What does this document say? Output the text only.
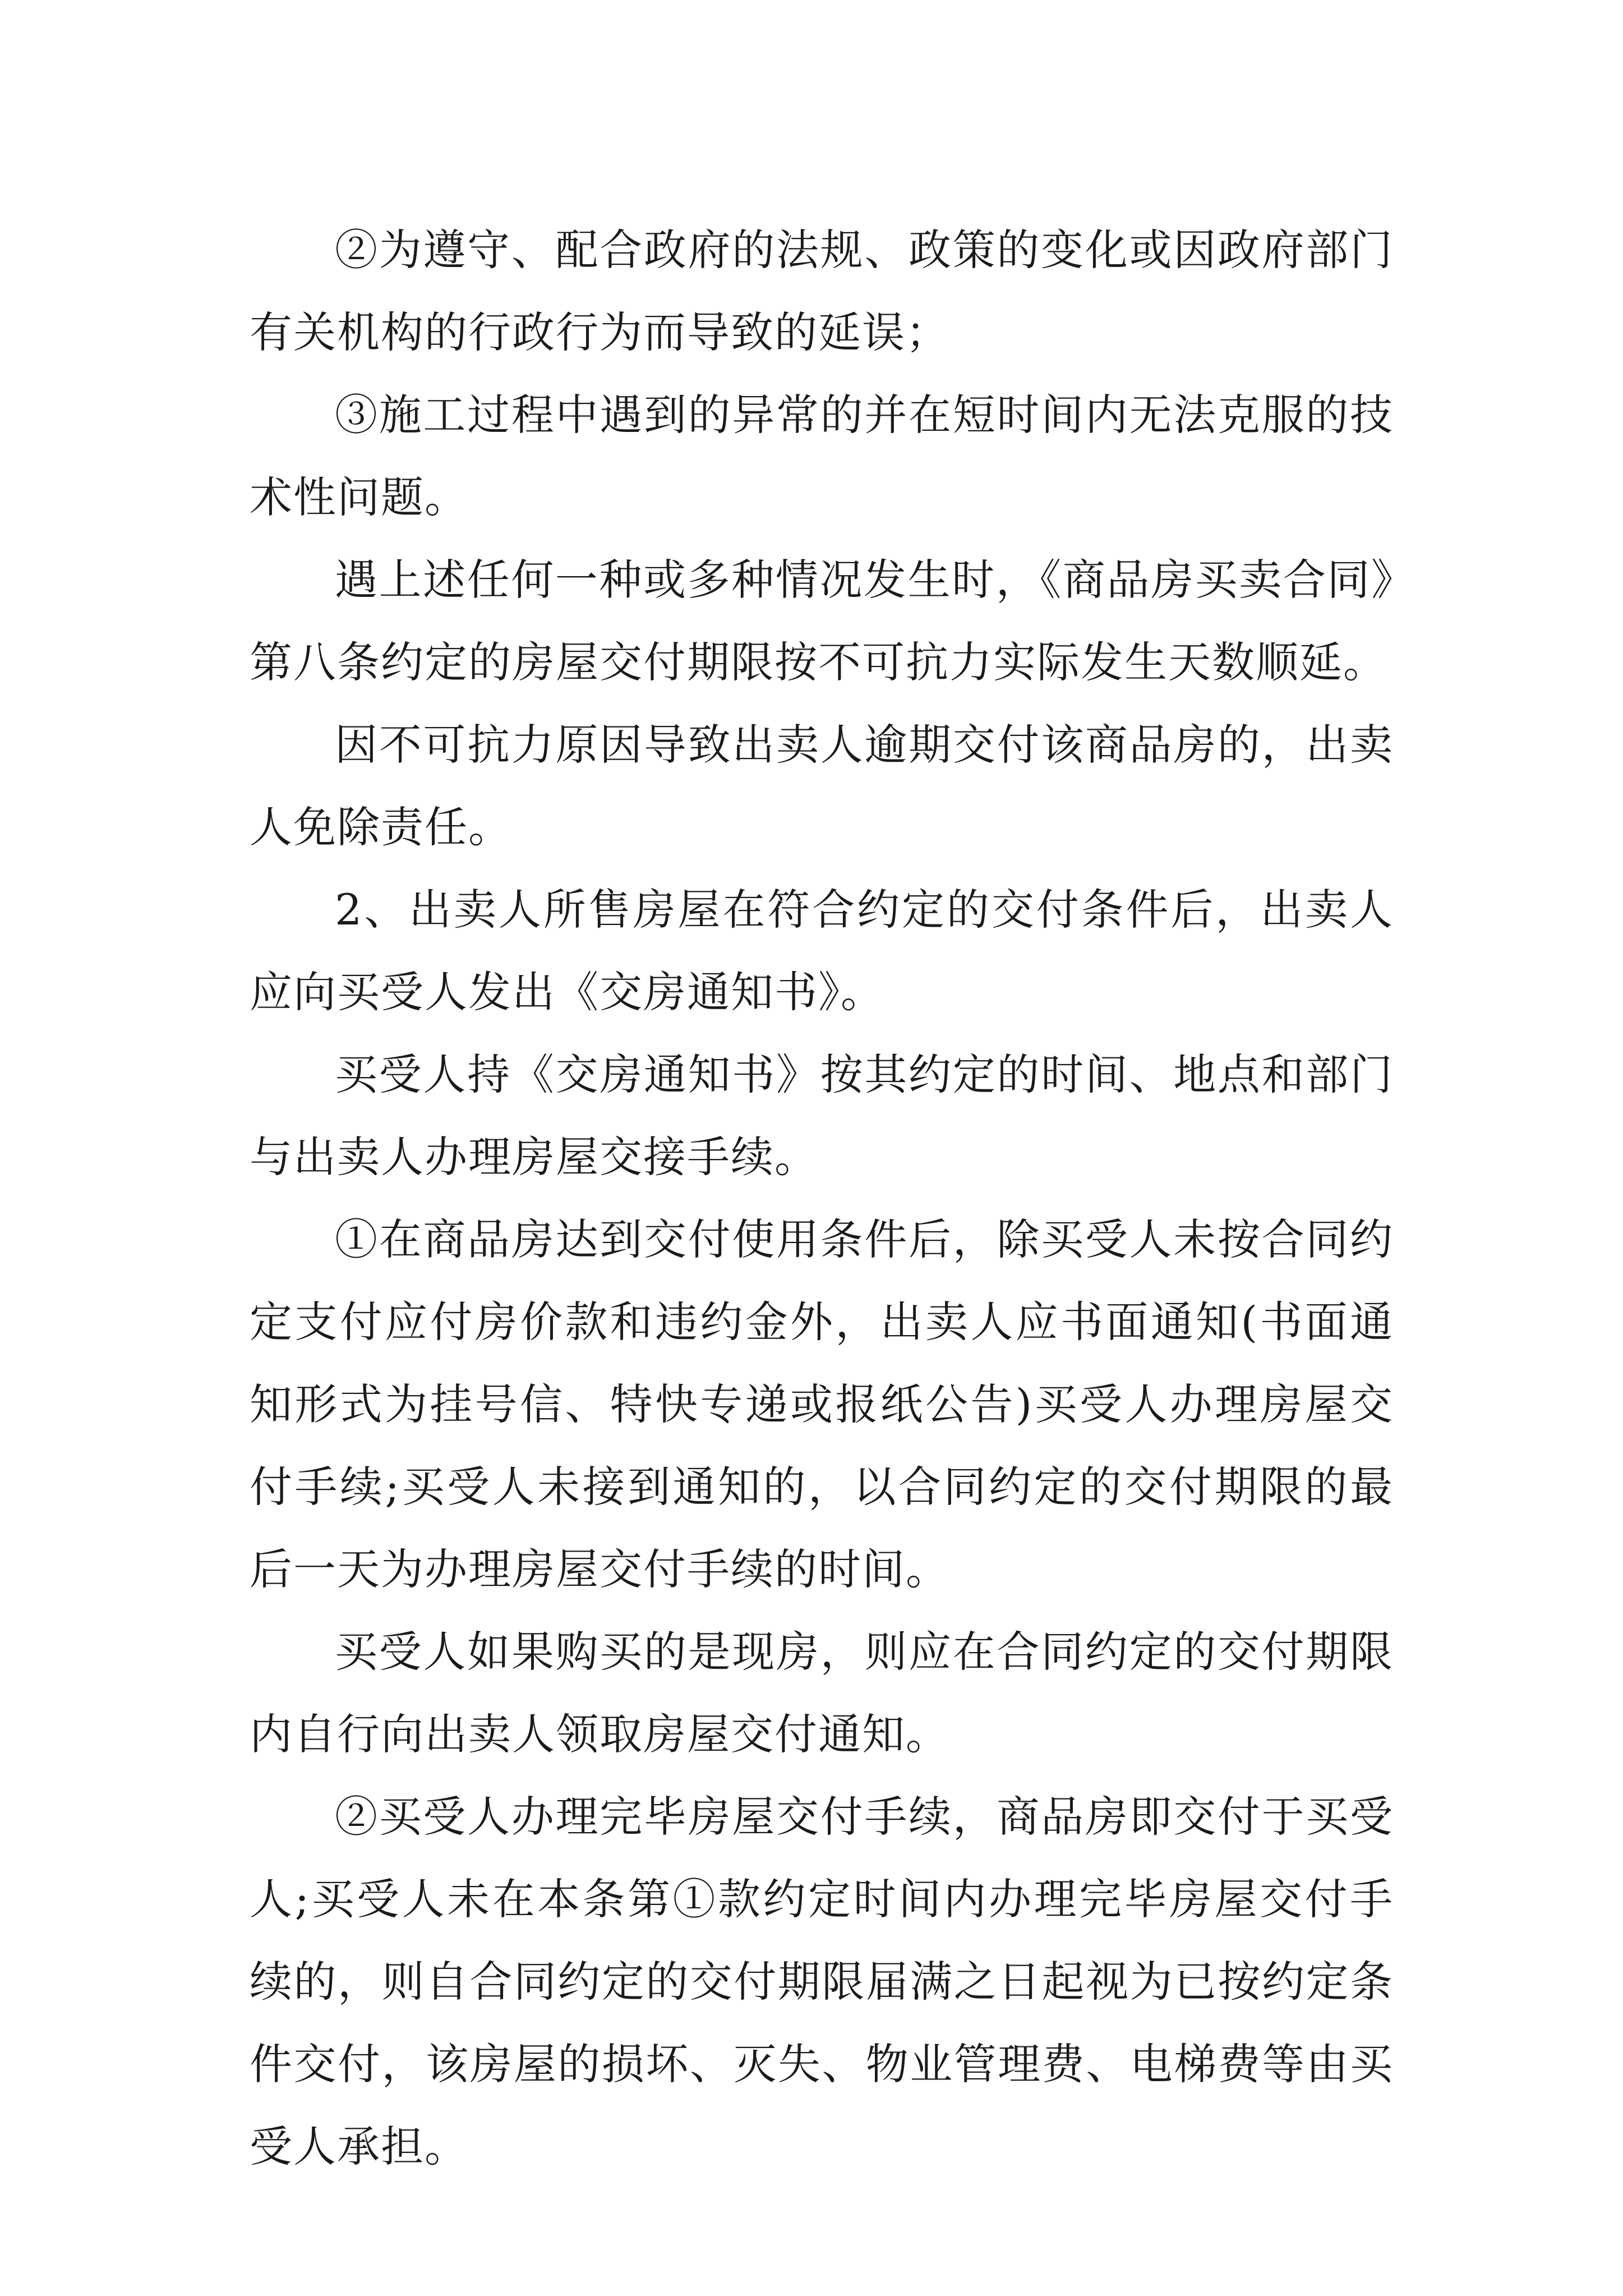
②为遵守、配合政府的法规、政策的变化或因政府部门有关机构的行政行为而导致的延误；

③施工过程中遇到的异常的并在短时间内无法克服的技术性问题。

遇上述任何一种或多种情况发生时，《商品房买卖合同》第八条约定的房屋交付期限按不可抗力实际发生天数顺延。

因不可抗力原因导致出卖人逾期交付该商品房的，出卖人免除责任。

2、出卖人所售房屋在符合约定的交付条件后，出卖人应向买受人发出《交房通知书》。

买受人持《交房通知书》按其约定的时间、地点和部门与出卖人办理房屋交接手续。

①在商品房达到交付使用条件后，除买受人未按合同约定支付应付房价款和违约金外，出卖人应书面通知(书面通知形式为挂号信、特快专递或报纸公告)买受人办理房屋交付手续;买受人未接到通知的，以合同约定的交付期限的最后一天为办理房屋交付手续的时间。

买受人如果购买的是现房，则应在合同约定的交付期限内自行向出卖人领取房屋交付通知。

②买受人办理完毕房屋交付手续，商品房即交付于买受人;买受人未在本条第①款约定时间内办理完毕房屋交付手续的，则自合同约定的交付期限届满之日起视为已按约定条件交付，该房屋的损坏、灭失、物业管理费、电梯费等由买受人承担。
